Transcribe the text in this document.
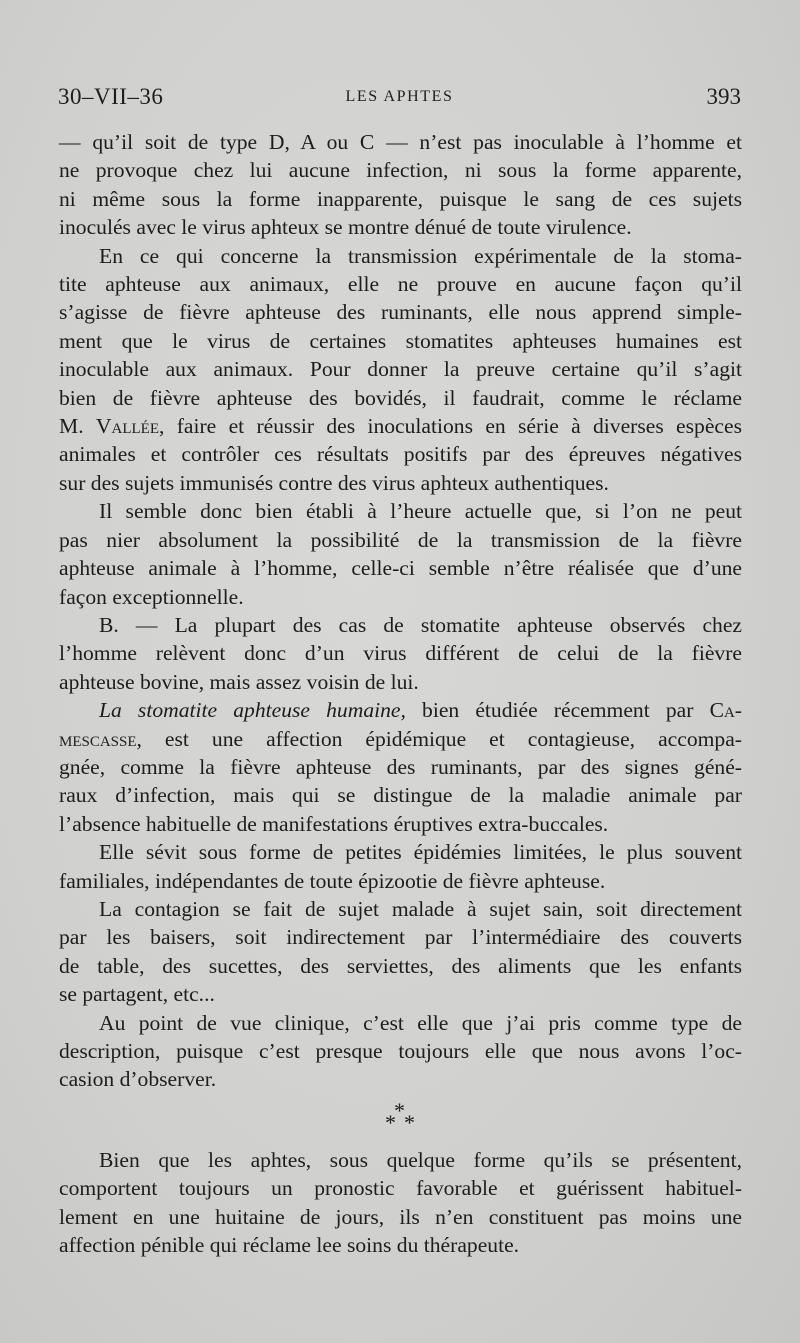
30–VII–36	LES APHTES	393

— qu’il soit de type D, A ou C — n’est pas inoculable à l’homme et

ne provoque chez lui aucune infection, ni sous la forme apparente,

ni même sous la forme inapparente, puisque le sang de ces sujets

inoculés avec le virus aphteux se montre dénué de toute virulence.

En ce qui concerne la transmission expérimentale de la stoma-

tite aphteuse aux animaux, elle ne prouve en aucune façon qu’il

s’agisse de fièvre aphteuse des ruminants, elle nous apprend simple-

ment que le virus de certaines stomatites aphteuses humaines est

inoculable aux animaux. Pour donner la preuve certaine qu’il s’agit

bien de fièvre aphteuse des bovidés, il faudrait, comme le réclame

M. Vallée, faire et réussir des inoculations en série à diverses espèces

animales et contrôler ces résultats positifs par des épreuves négatives

sur des sujets immunisés contre des virus aphteux authentiques.

Il semble donc bien établi à l’heure actuelle que, si l’on ne peut

pas nier absolument la possibilité de la transmission de la fièvre

aphteuse animale à l’homme, celle-ci semble n’être réalisée que d’une

façon exceptionnelle.

B. — La plupart des cas de stomatite aphteuse observés chez

l’homme relèvent donc d’un virus différent de celui de la fièvre

aphteuse bovine, mais assez voisin de lui.

La stomatite aphteuse humaine, bien étudiée récemment par Ca-

mescasse, est une affection épidémique et contagieuse, accompa-

gnée, comme la fièvre aphteuse des ruminants, par des signes géné-

raux d’infection, mais qui se distingue de la maladie animale par

l’absence habituelle de manifestations éruptives extra-buccales.

Elle sévit sous forme de petites épidémies limitées, le plus souvent

familiales, indépendantes de toute épizootie de fièvre aphteuse.

La contagion se fait de sujet malade à sujet sain, soit directement

par les baisers, soit indirectement par l’intermédiaire des couverts

de table, des sucettes, des serviettes, des aliments que les enfants

se partagent, etc...

Au point de vue clinique, c’est elle que j’ai pris comme type de

description, puisque c’est presque toujours elle que nous avons l’oc-

casion d’observer.

*
* *

Bien que les aphtes, sous quelque forme qu’ils se présentent,

comportent toujours un pronostic favorable et guérissent habituel-

lement en une huitaine de jours, ils n’en constituent pas moins une

affection pénible qui réclame lee soins du thérapeute.
